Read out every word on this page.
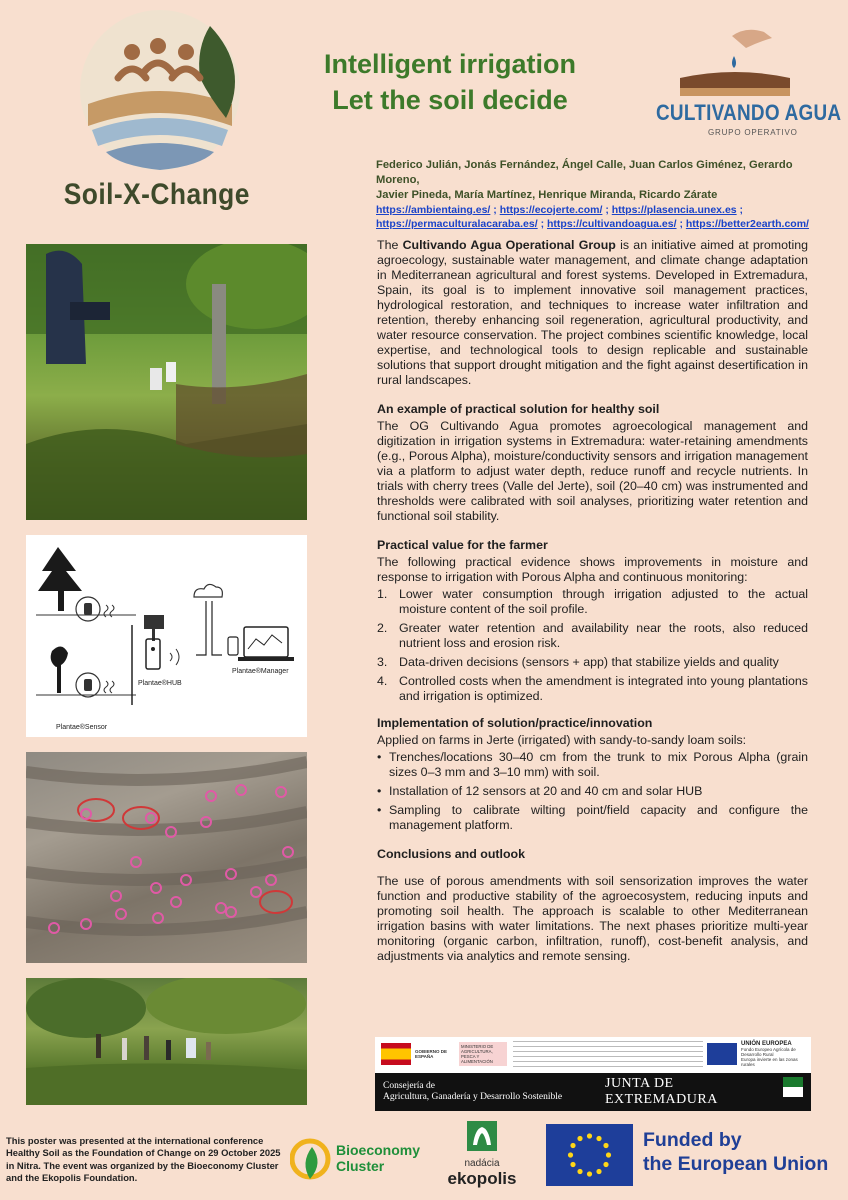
Soil-X-Change
Intelligent irrigation
Let the soil decide	CULTIVANDO AGUA
GRUPO OPERATIVO
Federico Julián, Jonás Fernández, Ángel Calle, Juan Carlos Giménez, Gerardo Moreno,
Javier Pineda, María Martínez, Henrique Miranda, Ricardo Zárate
https://ambientaing.es/ ; https://ecojerte.com/ ; https://plasencia.unex.es ;
https://permaculturalacaraba.es/ ; https://cultivandoagua.es/ ; https://better2earth.com/
Plantae®Sensor
Plantae®HUB
Plantae®Manager

The Cultivando Agua Operational Group is an initiative aimed at promoting agroecology, sustainable water management, and climate change adaptation in Mediterranean agricultural and forest systems. Developed in Extremadura, Spain, its goal is to implement innovative soil management practices, hydrological restoration, and techniques to increase water infiltration and retention, thereby enhancing soil regeneration, agricultural productivity, and water resource conservation. The project combines scientific knowledge, local expertise, and technological tools to design replicable and sustainable solutions that support drought mitigation and the fight against desertification in rural landscapes.

An example of practical solution for healthy soil

The OG Cultivando Agua promotes agroecological management and digitization in irrigation systems in Extremadura: water-retaining amendments (e.g., Porous Alpha), moisture/conductivity sensors and irrigation management via a platform to adjust water depth, reduce runoff and recycle nutrients. In trials with cherry trees (Valle del Jerte), soil (20–40 cm) was instrumented and thresholds were calibrated with soil analyses, prioritizing water retention and functional soil stability.

Practical value for the farmer
The following practical evidence shows improvements in moisture and response to irrigation with Porous Alpha and continuous monitoring:
1. Lower water consumption through irrigation adjusted to the actual moisture content of the soil profile.
2. Greater water retention and availability near the roots, also reduced nutrient loss and erosion risk.
3. Data-driven decisions (sensors + app) that stabilize yields and quality
4. Controlled costs when the amendment is integrated into young plantations and irrigation is optimized.
Implementation of solution/practice/innovation
Applied on farms in Jerte (irrigated) with sandy-to-sandy loam soils:
• Trenches/locations 30–40 cm from the trunk to mix Porous Alpha (grain sizes 0–3 mm and 3–10 mm) with soil.
• Installation of 12 sensors at 20 and 40 cm and solar HUB
• Sampling to calibrate wilting point/field capacity and configure the management platform.
Conclusions and outlook

The use of porous amendments with soil sensorization improves the water function and productive stability of the agroecosystem, reducing inputs and promoting soil health. The approach is scalable to other Mediterranean irrigation basins with water limitations. The next phases prioritize multi-year monitoring (organic carbon, infiltration, runoff), cost-benefit analysis, and adjustments via analytics and remote sensing.

GOBIERNO DE ESPAÑA
MINISTERIO DE AGRICULTURA, PESCA Y ALIMENTACIÓN
UNIÓN EUROPEA
Fondo Europeo Agrícola de Desarrollo Rural
Europa invierte en las zonas rurales
Consejería de
Agricultura, Ganadería y Desarrollo Sostenible
JUNTA DE EXTREMADURA
This poster was presented at the international conference Healthy Soil as the Foundation of Change on 29 October 2025 in Nitra. The event was organized by the Bioeconomy Cluster and the Ekopolis Foundation.
Bioeconomy
Cluster	nadácia
ekopolis
Funded by
the European Union
